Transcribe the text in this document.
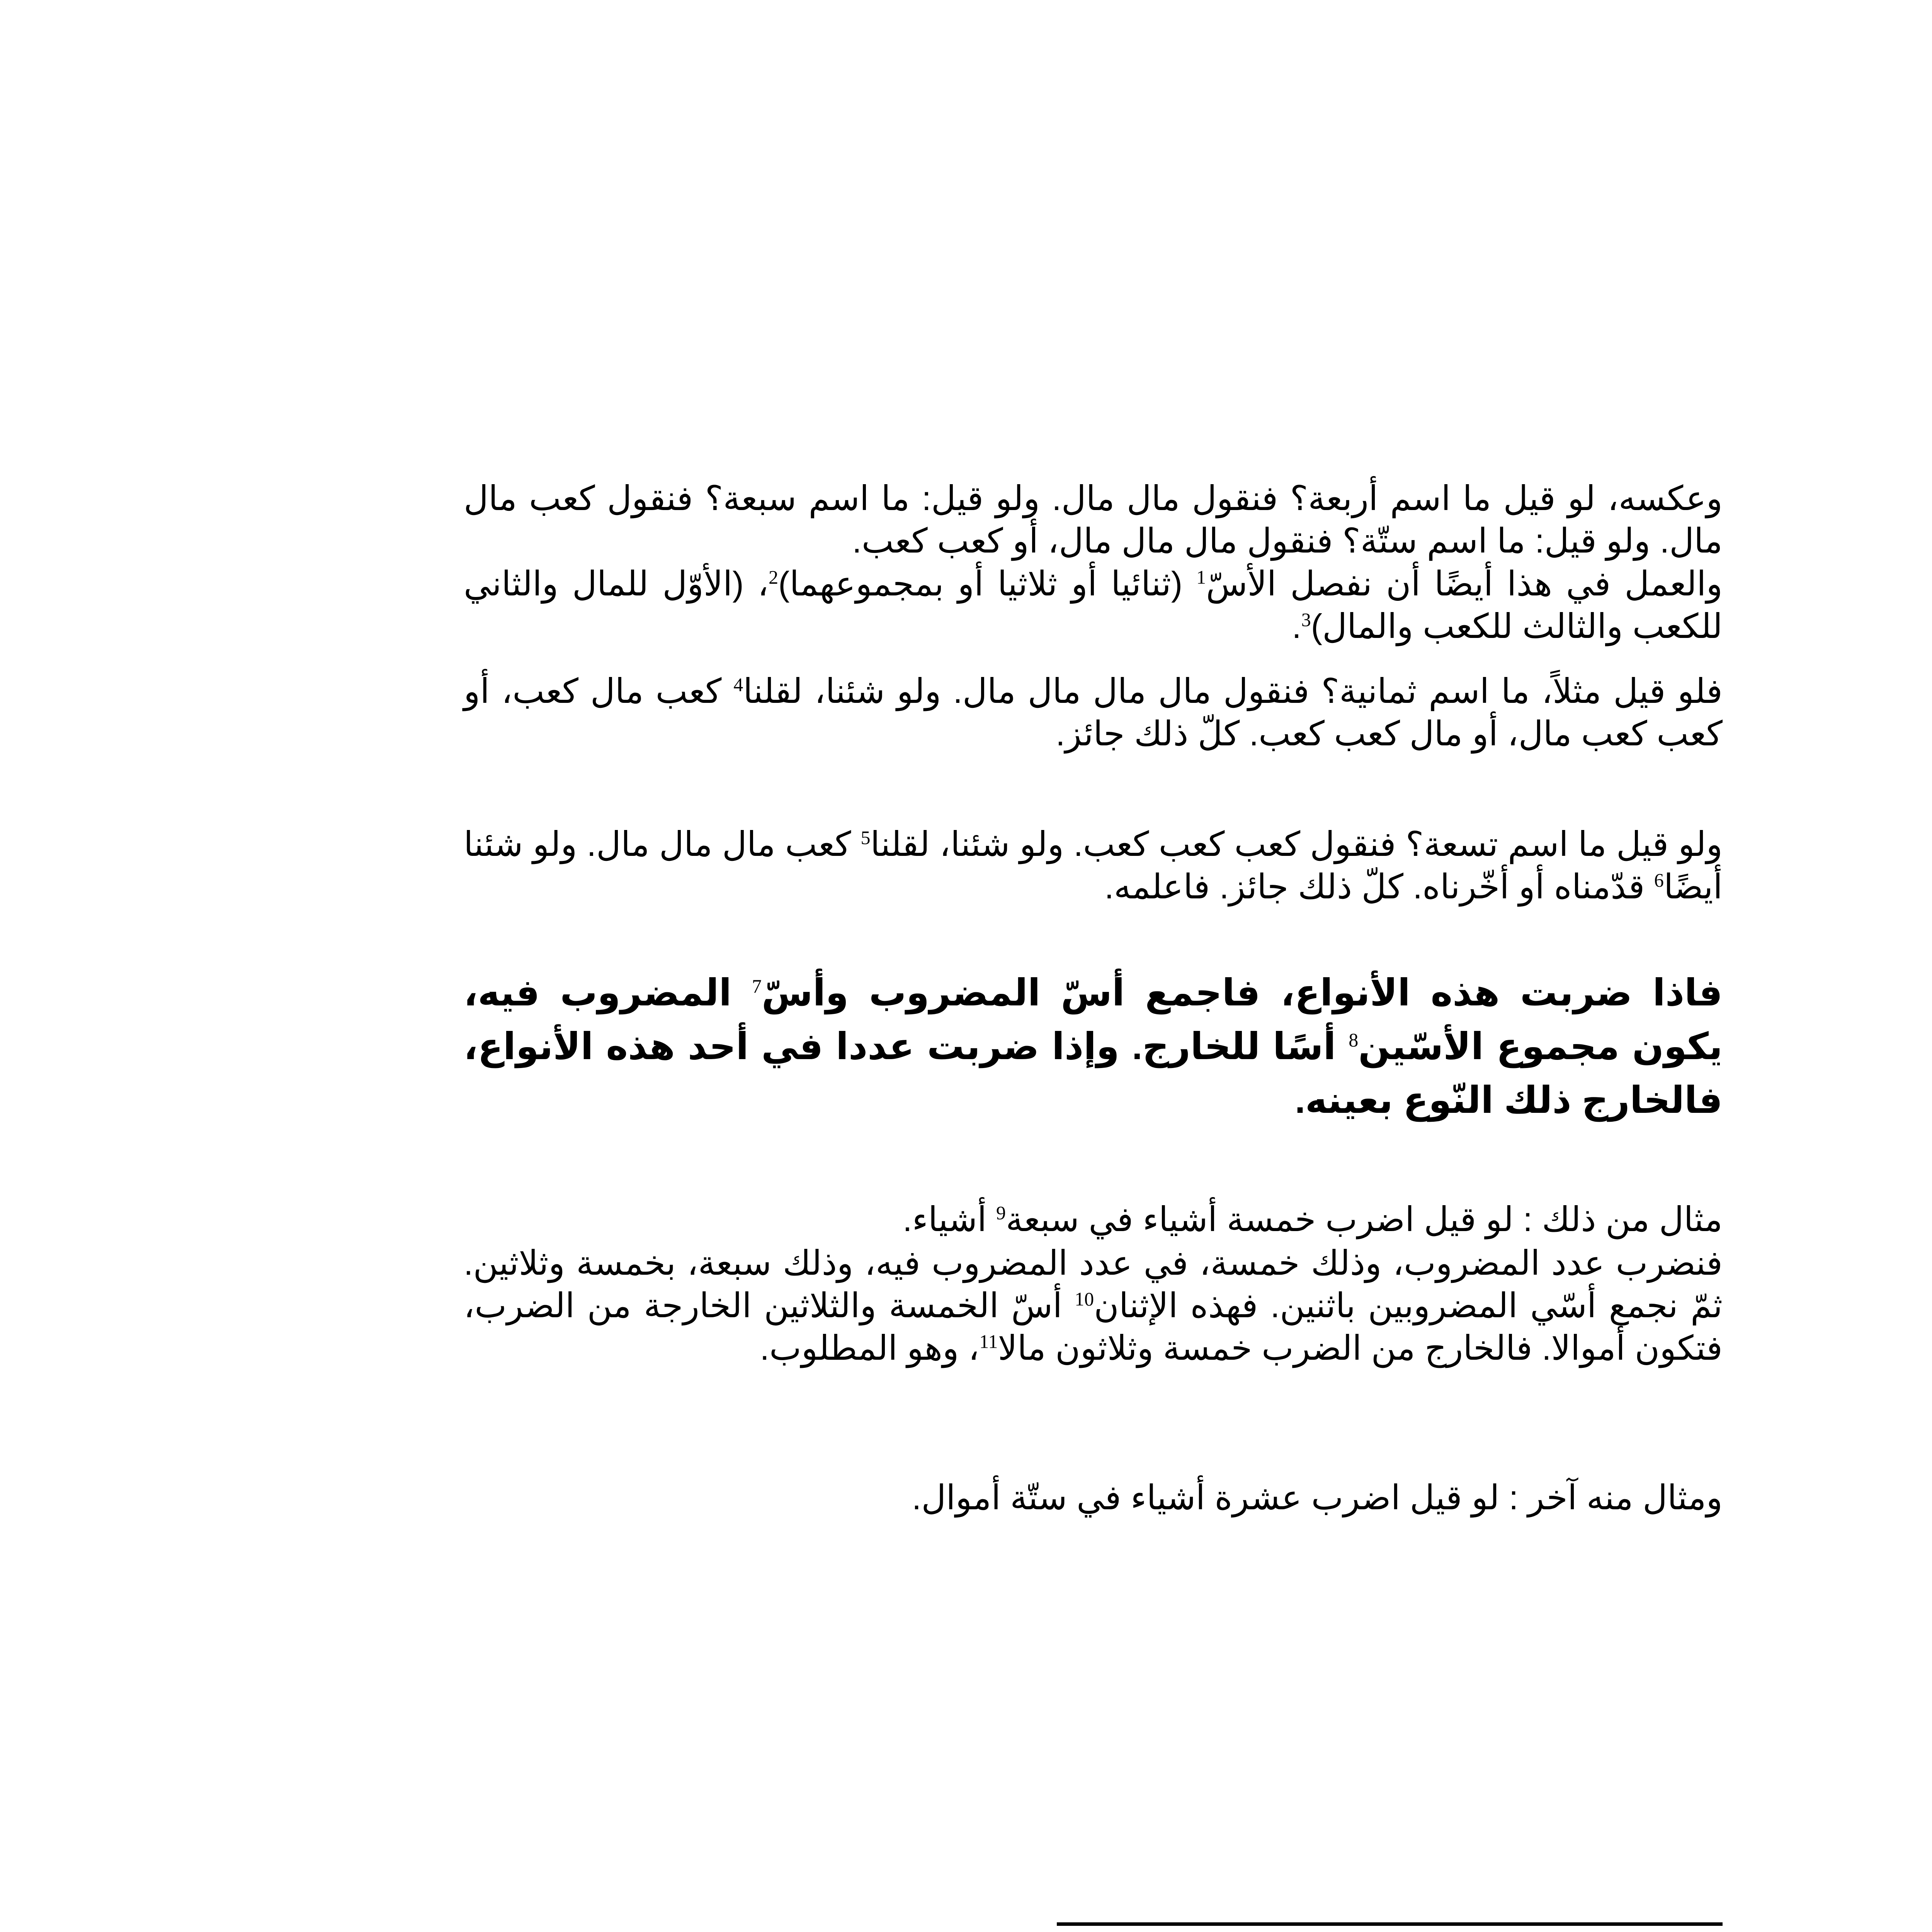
وعكسه، لو قيل ما اسم أربعة؟ فنقول مال مال. ولو قيل: ما اسم سبعة؟ فنقول كعب مال مال. ولو قيل: ما اسم ستّة؟ فنقول مال مال مال، أو كعب كعب.

والعمل في هذا أيضًا أن نفصل الأسّ$^1$ (ثنائيا أو ثلاثيا أو بمجموعهما)$^2$، (الأوّل للمال والثاني للكعب والثالث للكعب والمال)$^3$.

فلو قيل مثلاً، ما اسم ثمانية؟ فنقول مال مال مال مال. ولو شئنا، لقلنا$^4$ كعب مال كعب، أو كعب كعب مال، أو مال كعب كعب. كلّ ذلك جائز.

ولو قيل ما اسم تسعة؟ فنقول كعب كعب كعب. ولو شئنا، لقلنا$^5$ كعب مال مال مال. ولو شئنا أيضًا$^6$ قدّمناه أو أخّرناه. كلّ ذلك جائز. فاعلمه.

فاذا ضربت هذه الأنواع، فاجمع أسّ المضروب وأسّ$^7$ المضروب فيه، يكون مجموع الأسّين$^8$ أسًا للخارج. وإذا ضربت عددا في أحد هذه الأنواع، فالخارج ذلك النّوع بعينه.

مثال من ذلك : لو قيل اضرب خمسة أشياء في سبعة$^9$ أشياء.

فنضرب عدد المضروب، وذلك خمسة، في عدد المضروب فيه، وذلك سبعة، بخمسة وثلاثين. ثمّ نجمع أسّي المضروبين باثنين. فهذه الإثنان$^{10}$ أسّ الخمسة والثلاثين الخارجة من الضرب، فتكون أموالا. فالخارج من الضرب خمسة وثلاثون مالا$^{11}$، وهو المطلوب.

ومثال منه آخر : لو قيل اضرب عشرة أشياء في ستّة أموال.
